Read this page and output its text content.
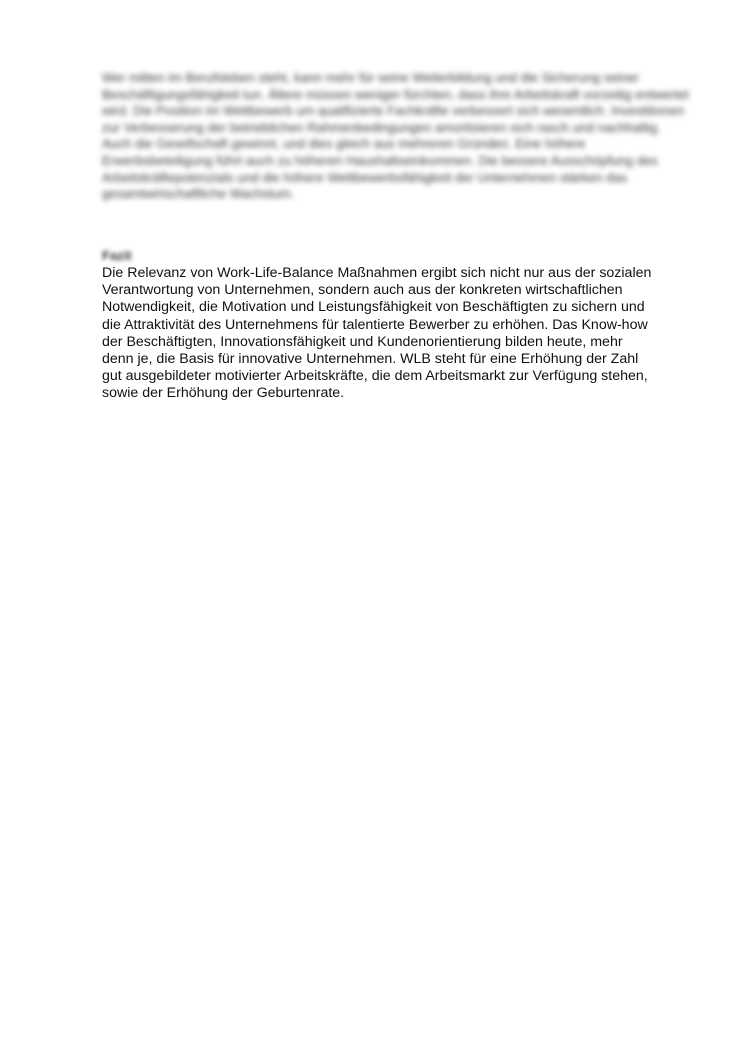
Wer mitten im Berufsleben steht, kann mehr für seine Weiterbildung und die Sicherung seiner Beschäftigungsfähigkeit tun. Ältere müssen weniger fürchten, dass ihre Arbeitskraft vorzeitig entwertet wird. Die Position im Wettbewerb um qualifizierte Fachkräfte verbessert sich wesentlich. Investitionen zur Verbesserung der betrieblichen Rahmenbedingungen amortisieren sich rasch und nachhaltig. Auch die Gesellschaft gewinnt, und dies gleich aus mehreren Gründen. Eine höhere Erwerbsbeteiligung führt auch zu höheren Haushaltseinkommen. Die bessere Ausschöpfung des Arbeitskräftepotenzials und die höhere Wettbewerbsfähigkeit der Unternehmen stärken das gesamtwirtschaftliche Wachstum.

Fazit

Die Relevanz von Work-Life-Balance Maßnahmen ergibt sich nicht nur aus der sozialen
Verantwortung von Unternehmen, sondern auch aus der konkreten wirtschaftlichen
Notwendigkeit, die Motivation und Leistungsfähigkeit von Beschäftigten zu sichern und
die Attraktivität des Unternehmens für talentierte Bewerber zu erhöhen. Das Know-how
der Beschäftigten, Innovationsfähigkeit und Kundenorientierung bilden heute, mehr
denn je, die Basis für innovative Unternehmen. WLB steht für eine Erhöhung der Zahl
gut ausgebildeter motivierter Arbeitskräfte, die dem Arbeitsmarkt zur Verfügung stehen,
sowie der Erhöhung der Geburtenrate.
